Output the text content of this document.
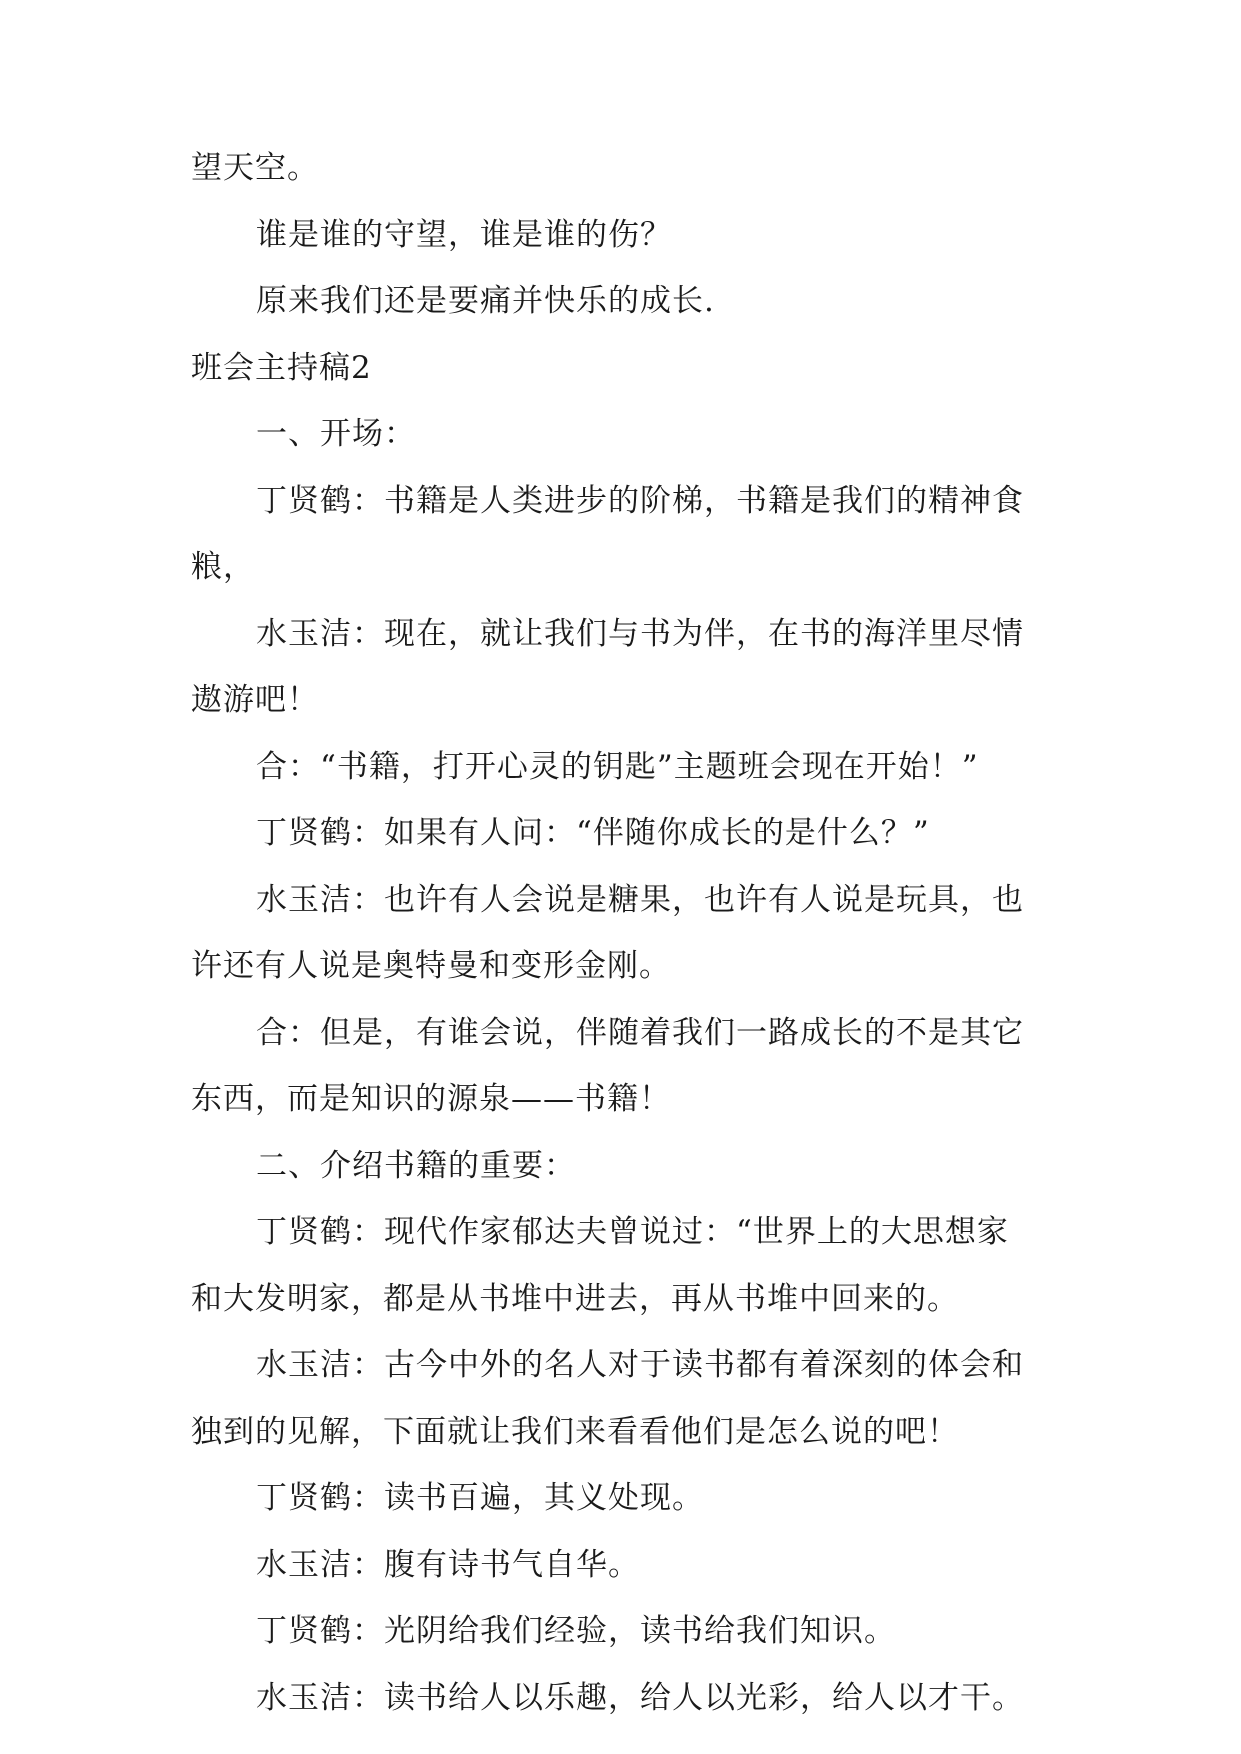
望天空。
谁是谁的守望，谁是谁的伤？
原来我们还是要痛并快乐的成长.
班会主持稿2
一、开场：
丁贤鹤：书籍是人类进步的阶梯，书籍是我们的精神食
粮，
水玉洁：现在，就让我们与书为伴，在书的海洋里尽情
遨游吧！
合：“书籍，打开心灵的钥匙”主题班会现在开始！”
丁贤鹤：如果有人问：“伴随你成长的是什么？”
水玉洁：也许有人会说是糖果，也许有人说是玩具，也
许还有人说是奥特曼和变形金刚。
合：但是，有谁会说，伴随着我们一路成长的不是其它
东西，而是知识的源泉——书籍！
二、介绍书籍的重要：
丁贤鹤：现代作家郁达夫曾说过：“世界上的大思想家
和大发明家，都是从书堆中进去，再从书堆中回来的。
水玉洁：古今中外的名人对于读书都有着深刻的体会和
独到的见解，下面就让我们来看看他们是怎么说的吧！
丁贤鹤：读书百遍，其义处现。
水玉洁：腹有诗书气自华。
丁贤鹤：光阴给我们经验，读书给我们知识。
水玉洁：读书给人以乐趣，给人以光彩，给人以才干。
